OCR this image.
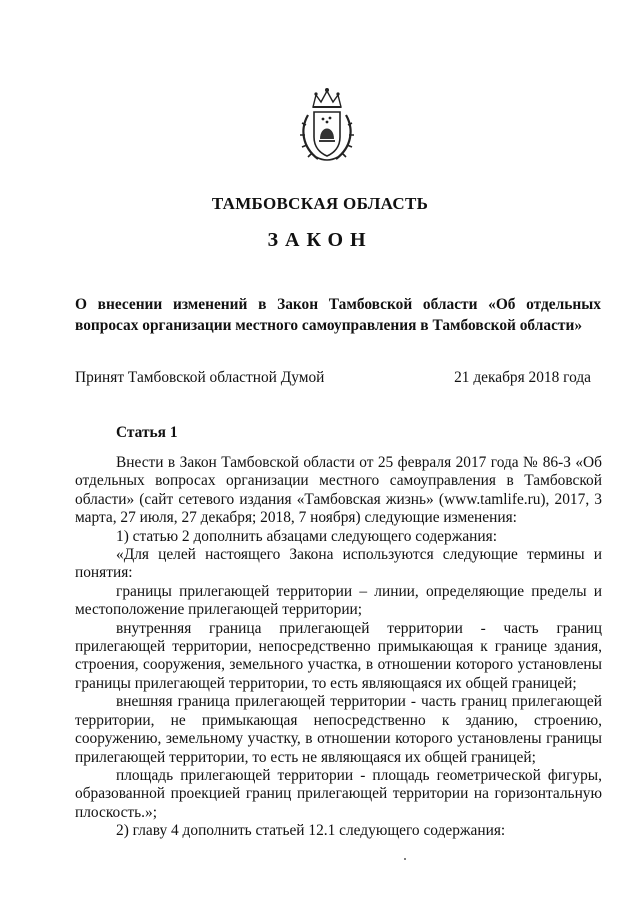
ТАМБОВСКАЯ ОБЛАСТЬ
ЗАКОН
О внесении изменений в Закон Тамбовской области «Об отдельных вопросах организации местного самоуправления в Тамбовской области»
Принят Тамбовской областной Думой	21 декабря 2018 года
Статья 1

Внести в Закон Тамбовской области от 25 февраля 2017 года № 86-З «Об отдельных вопросах организации местного самоуправления в Тамбовской области» (сайт сетевого издания «Тамбовская жизнь» (www.tamlife.ru), 2017, 3 марта, 27 июля, 27 декабря; 2018, 7 ноября) следующие изменения:

1) статью 2 дополнить абзацами следующего содержания:

«Для целей настоящего Закона используются следующие термины и понятия:

границы прилегающей территории – линии, определяющие пределы и местоположение прилегающей территории;

внутренняя граница прилегающей территории - часть границ прилегающей территории, непосредственно примыкающая к границе здания, строения, сооружения, земельного участка, в отношении которого установлены границы прилегающей территории, то есть являющаяся их общей границей;

внешняя граница прилегающей территории - часть границ прилегающей территории, не примыкающая непосредственно к зданию, строению, сооружению, земельному участку, в отношении которого установлены границы прилегающей территории, то есть не являющаяся их общей границей;

площадь прилегающей территории - площадь геометрической фигуры, образованной проекцией границ прилегающей территории на горизонтальную плоскость.»;

2) главу 4 дополнить статьей 12.1 следующего содержания:
